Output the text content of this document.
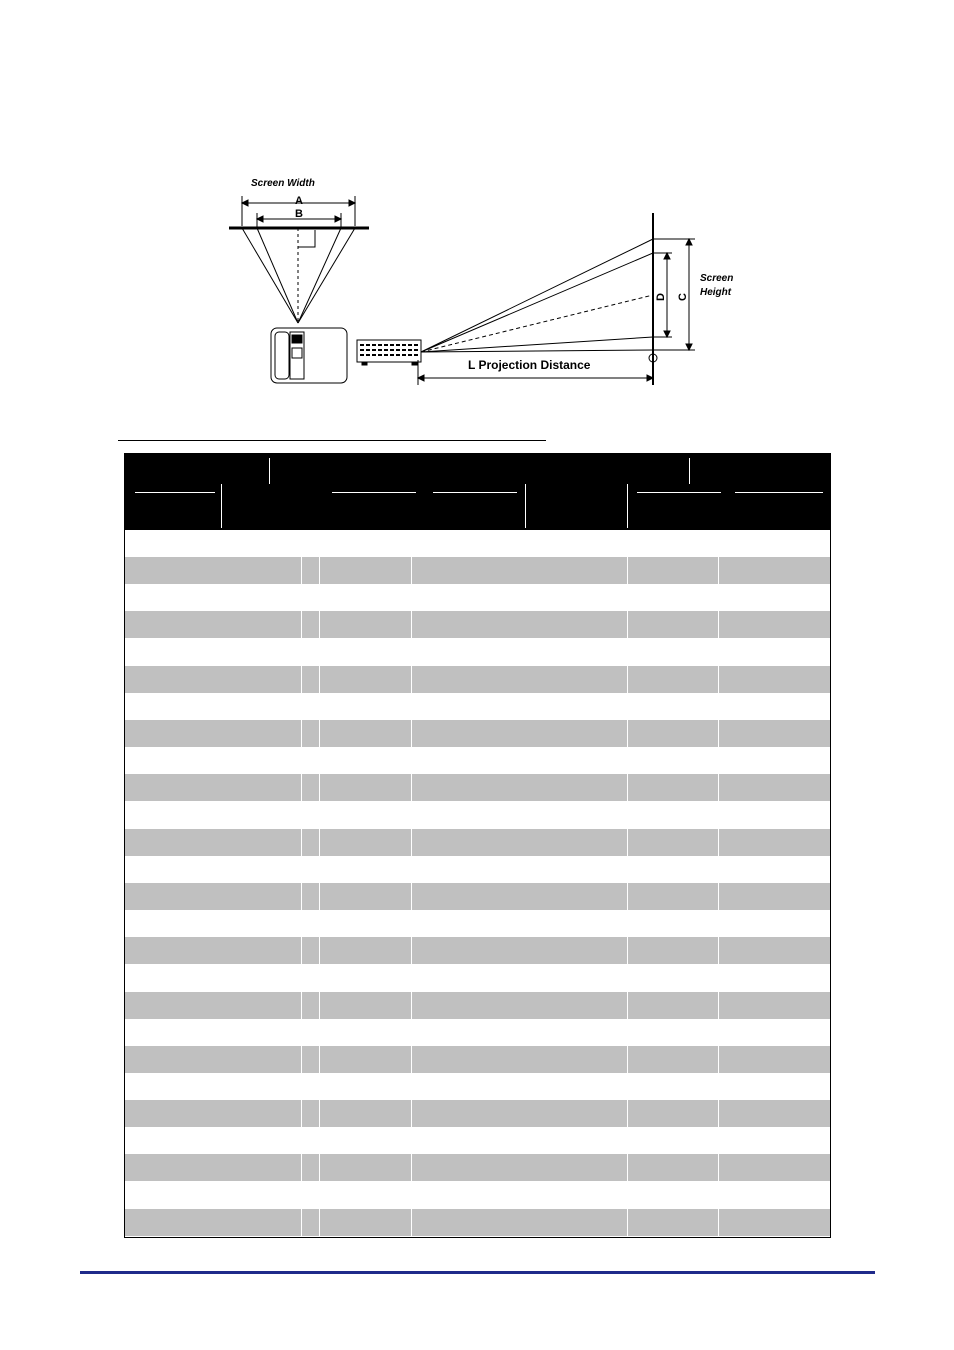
Screen Width
A
B
Screen
Height
C
D
L Projection Distance
